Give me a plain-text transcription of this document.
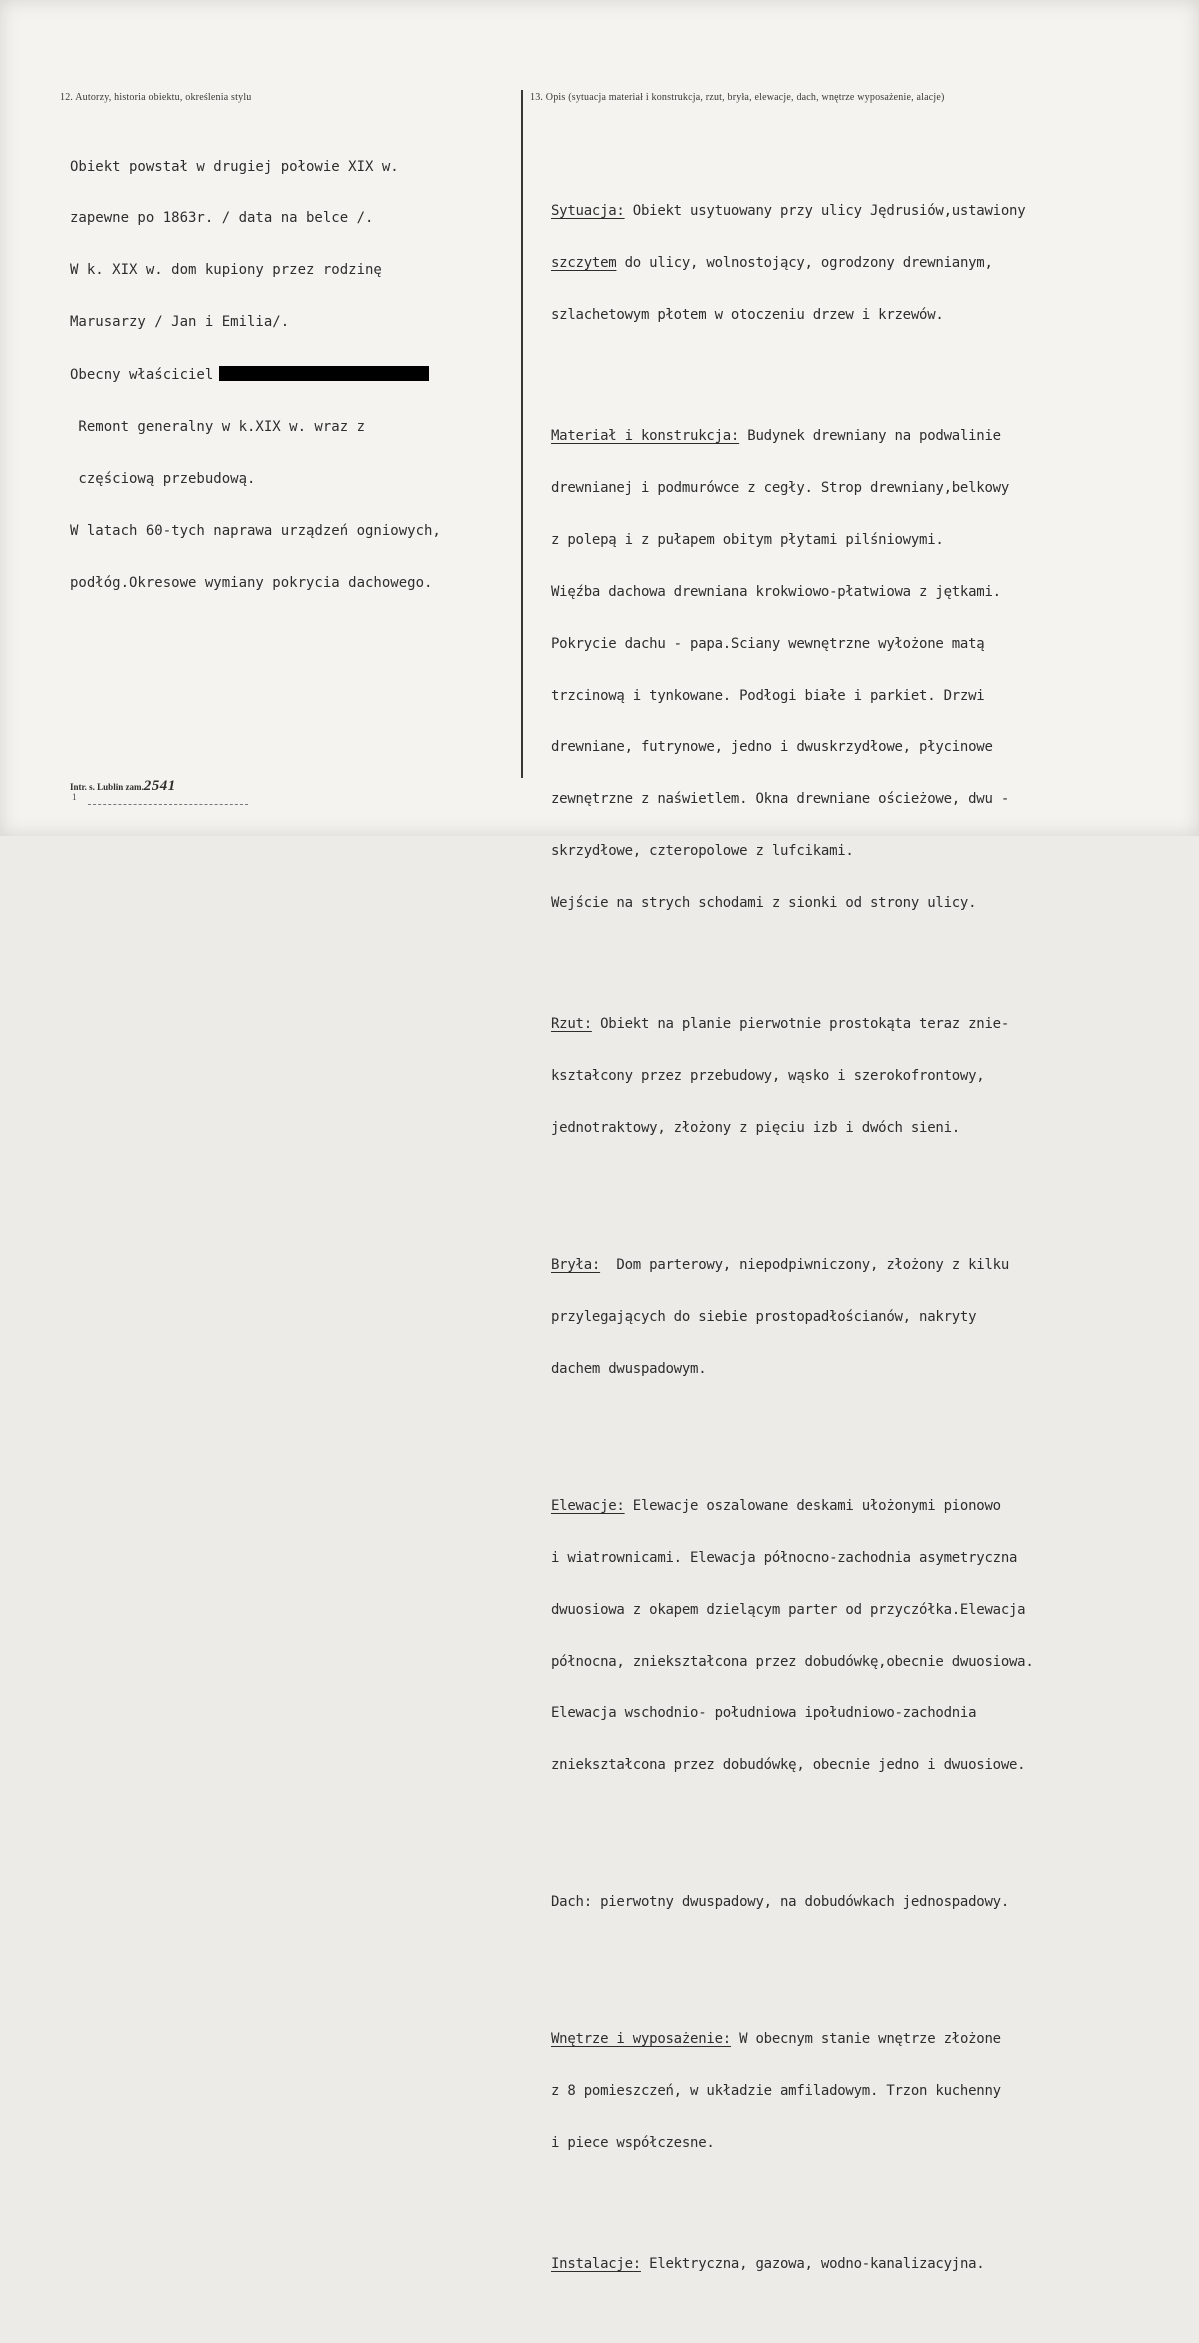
12. Autorzy, historia obiektu, określenia stylu	13. Opis (sytuacja materiał i konstrukcja, rzut, bryła, elewacje, dach, wnętrze wyposażenie, alacje)

Obiekt powstał w drugiej połowie XIX w.

zapewne po 1863r. / data na belce /.

W k. XIX w. dom kupiony przez rodzinę

Marusarzy / Jan i Emilia/.

Obecny właściciel

Remont generalny w k.XIX w. wraz z

częściową przebudową.

W latach 60-tych naprawa urządzeń ogniowych,

podłóg.Okresowe wymiany pokrycia dachowego.

Sytuacja: Obiekt usytuowany przy ulicy Jędrusiów,ustawiony

szczytem do ulicy, wolnostojący, ogrodzony drewnianym,

szlachetowym płotem w otoczeniu drzew i krzewów.

Materiał i konstrukcja: Budynek drewniany na podwalinie

drewnianej i podmurówce z cegły. Strop drewniany,belkowy

z polepą i z pułapem obitym płytami pilśniowymi.

Więźba dachowa drewniana krokwiowo-płatwiowa z jętkami.

Pokrycie dachu - papa.Sciany wewnętrzne wyłożone matą

trzcinową i tynkowane. Podłogi białe i parkiet. Drzwi

drewniane, futrynowe, jedno i dwuskrzydłowe, płycinowe

zewnętrzne z naświetlem. Okna drewniane ościeżowe, dwu -

skrzydłowe, czteropolowe z lufcikami.

Wejście na strych schodami z sionki od strony ulicy.

Rzut: Obiekt na planie pierwotnie prostokąta teraz znie-

kształcony przez przebudowy, wąsko i szerokofrontowy,

jednotraktowy, złożony z pięciu izb i dwóch sieni.

Bryła:  Dom parterowy, niepodpiwniczony, złożony z kilku

przylegających do siebie prostopadłościanów, nakryty

dachem dwuspadowym.

Elewacje: Elewacje oszalowane deskami ułożonymi pionowo

i wiatrownicami. Elewacja północno-zachodnia asymetryczna

dwuosiowa z okapem dzielącym parter od przyczółka.Elewacja

północna, zniekształcona przez dobudówkę,obecnie dwuosiowa.

Elewacja wschodnio- południowa ipołudniowo-zachodnia

zniekształcona przez dobudówkę, obecnie jedno i dwuosiowe.

Dach: pierwotny dwuspadowy, na dobudówkach jednospadowy.

Wnętrze i wyposażenie: W obecnym stanie wnętrze złożone

z 8 pomieszczeń, w układzie amfiladowym. Trzon kuchenny

i piece współczesne.

Instalacje: Elektryczna, gazowa, wodno-kanalizacyjna.

Intr. s. Lublin zam.2541
1
